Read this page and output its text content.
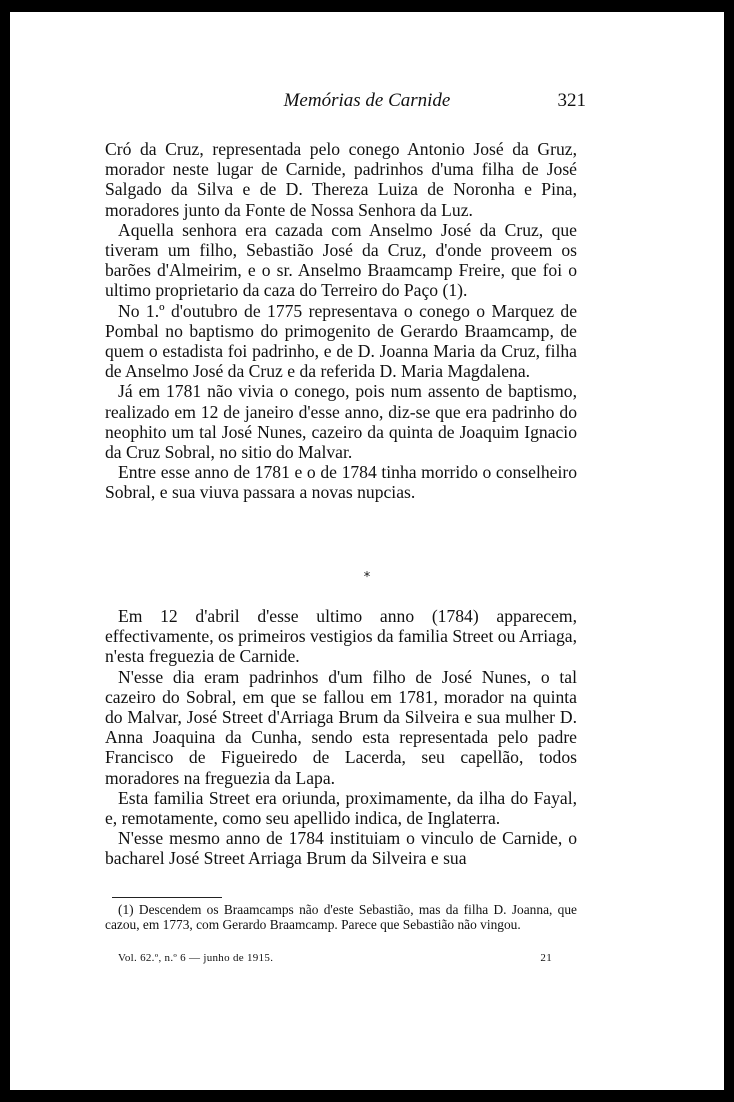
Memórias de Carnide	321

Cró da Cruz, representada pelo conego Antonio José da Gruz, morador neste lugar de Carnide, padrinhos d'uma filha de José Salgado da Silva e de D. Thereza Luiza de Noronha e Pina, moradores junto da Fonte de Nossa Senhora da Luz.

Aquella senhora era cazada com Anselmo José da Cruz, que tiveram um filho, Sebastião José da Cruz, d'onde proveem os barões d'Almeirim, e o sr. Anselmo Braamcamp Freire, que foi o ultimo proprietario da caza do Terreiro do Paço (1).

No 1.º d'outubro de 1775 representava o conego o Marquez de Pombal no baptismo do primogenito de Gerardo Braamcamp, de quem o estadista foi padrinho, e de D. Joanna Maria da Cruz, filha de Anselmo José da Cruz e da referida D. Maria Magdalena.

Já em 1781 não vivia o conego, pois num assento de baptismo, realizado em 12 de janeiro d'esse anno, diz-se que era padrinho do neophito um tal José Nunes, cazeiro da quinta de Joaquim Ignacio da Cruz Sobral, no sitio do Malvar.

Entre esse anno de 1781 e o de 1784 tinha morrido o conselheiro Sobral, e sua viuva passara a novas nupcias.

*

Em 12 d'abril d'esse ultimo anno (1784) apparecem, effectivamente, os primeiros vestigios da familia Street ou Arriaga, n'esta freguezia de Carnide.

N'esse dia eram padrinhos d'um filho de José Nunes, o tal cazeiro do Sobral, em que se fallou em 1781, morador na quinta do Malvar, José Street d'Arriaga Brum da Silveira e sua mulher D. Anna Joaquina da Cunha, sendo esta representada pelo padre Francisco de Figueiredo de Lacerda, seu capellão, todos moradores na freguezia da Lapa.

Esta familia Street era oriunda, proximamente, da ilha do Fayal, e, remotamente, como seu apellido indica, de Inglaterra.

N'esse mesmo anno de 1784 instituiam o vinculo de Carnide, o bacharel José Street Arriaga Brum da Silveira e sua

(1) Descendem os Braamcamps não d'este Sebastião, mas da filha D. Joanna, que cazou, em 1773, com Gerardo Braamcamp. Parece que Sebastião não vingou.

Vol. 62.º, n.º 6 — junho de 1915.	21
